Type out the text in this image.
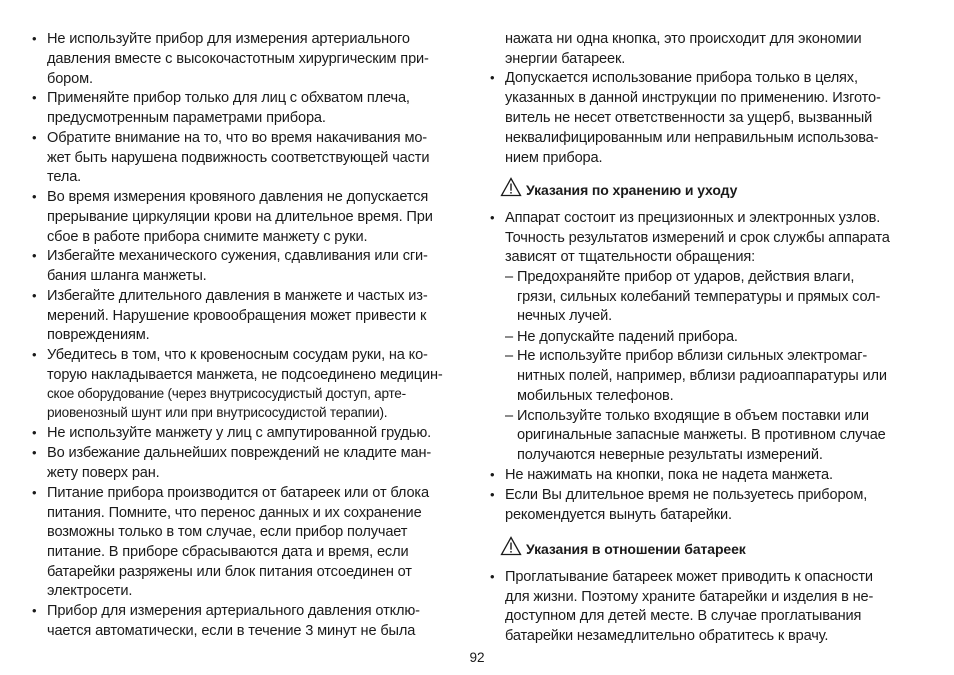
• Не используйте прибор для измерения артериального
давления вместе с высокочастотным хирургическим при-
бором.
• Применяйте прибор только для лиц с обхватом плеча,
предусмотренным параметрами прибора.
• Обратите внимание на то, что во время накачивания мо-
жет быть нарушена подвижность соответствующей части
тела.
• Во время измерения кровяного давления не допускается
прерывание циркуляции крови на длительное время. При
сбое в работе прибора снимите манжету с руки.
• Избегайте механического сужения, сдавливания или сги-
бания шланга манжеты.
• Избегайте длительного давления в манжете и частых из-
мерений. Нарушение кровообращения может привести к
повреждениям.
• Убедитесь в том, что к кровеносным сосудам руки, на ко-
торую накладывается манжета, не подсоединено медицин-
ское оборудование (через внутрисосудистый доступ, арте-
риовенозный шунт или при внутрисосудистой терапии).
• Не используйте манжету у лиц с ампутированной грудью.
• Во избежание дальнейших повреждений не кладите ман-
жету поверх ран.
• Питание прибора производится от батареек или от блока
питания. Помните, что перенос данных и их сохранение
возможны только в том случае, если прибор получает
питание. В приборе сбрасываются дата и время, если
батарейки разряжены или блок питания отсоединен от
электросети.
• Прибор для измерения артериального давления отклю-
чается автоматически, если в течение 3 минут не была
нажата ни одна кнопка, это происходит для экономии
энергии батареек.
• Допускается использование прибора только в целях,
указанных в данной инструкции по применению. Изгото-
витель не несет ответственности за ущерб, вызванный
неквалифицированным или неправильным использова-
нием прибора.
Указания по хранению и уходу
• Аппарат состоит из прецизионных и электронных узлов.
Точность результатов измерений и срок службы аппарата
зависят от тщательности обращения:
– Предохраняйте прибор от ударов, действия влаги,
грязи, сильных колебаний температуры и прямых сол-
нечных лучей.
– Не допускайте падений прибора.
– Не используйте прибор вблизи сильных электромаг-
нитных полей, например, вблизи радиоаппаратуры или
мобильных телефонов.
– Используйте только входящие в объем поставки или
оригинальные запасные манжеты. В противном случае
получаются неверные результаты измерений.
• Не нажимать на кнопки, пока не надета манжета.
• Если Вы длительное время не пользуетесь прибором,
рекомендуется вынуть батарейки.
Указания в отношении батареек
• Проглатывание батареек может приводить к опасности
для жизни. Поэтому храните батарейки и изделия в не-
доступном для детей месте. В случае проглатывания
батарейки незамедлительно обратитесь к врачу.
92
